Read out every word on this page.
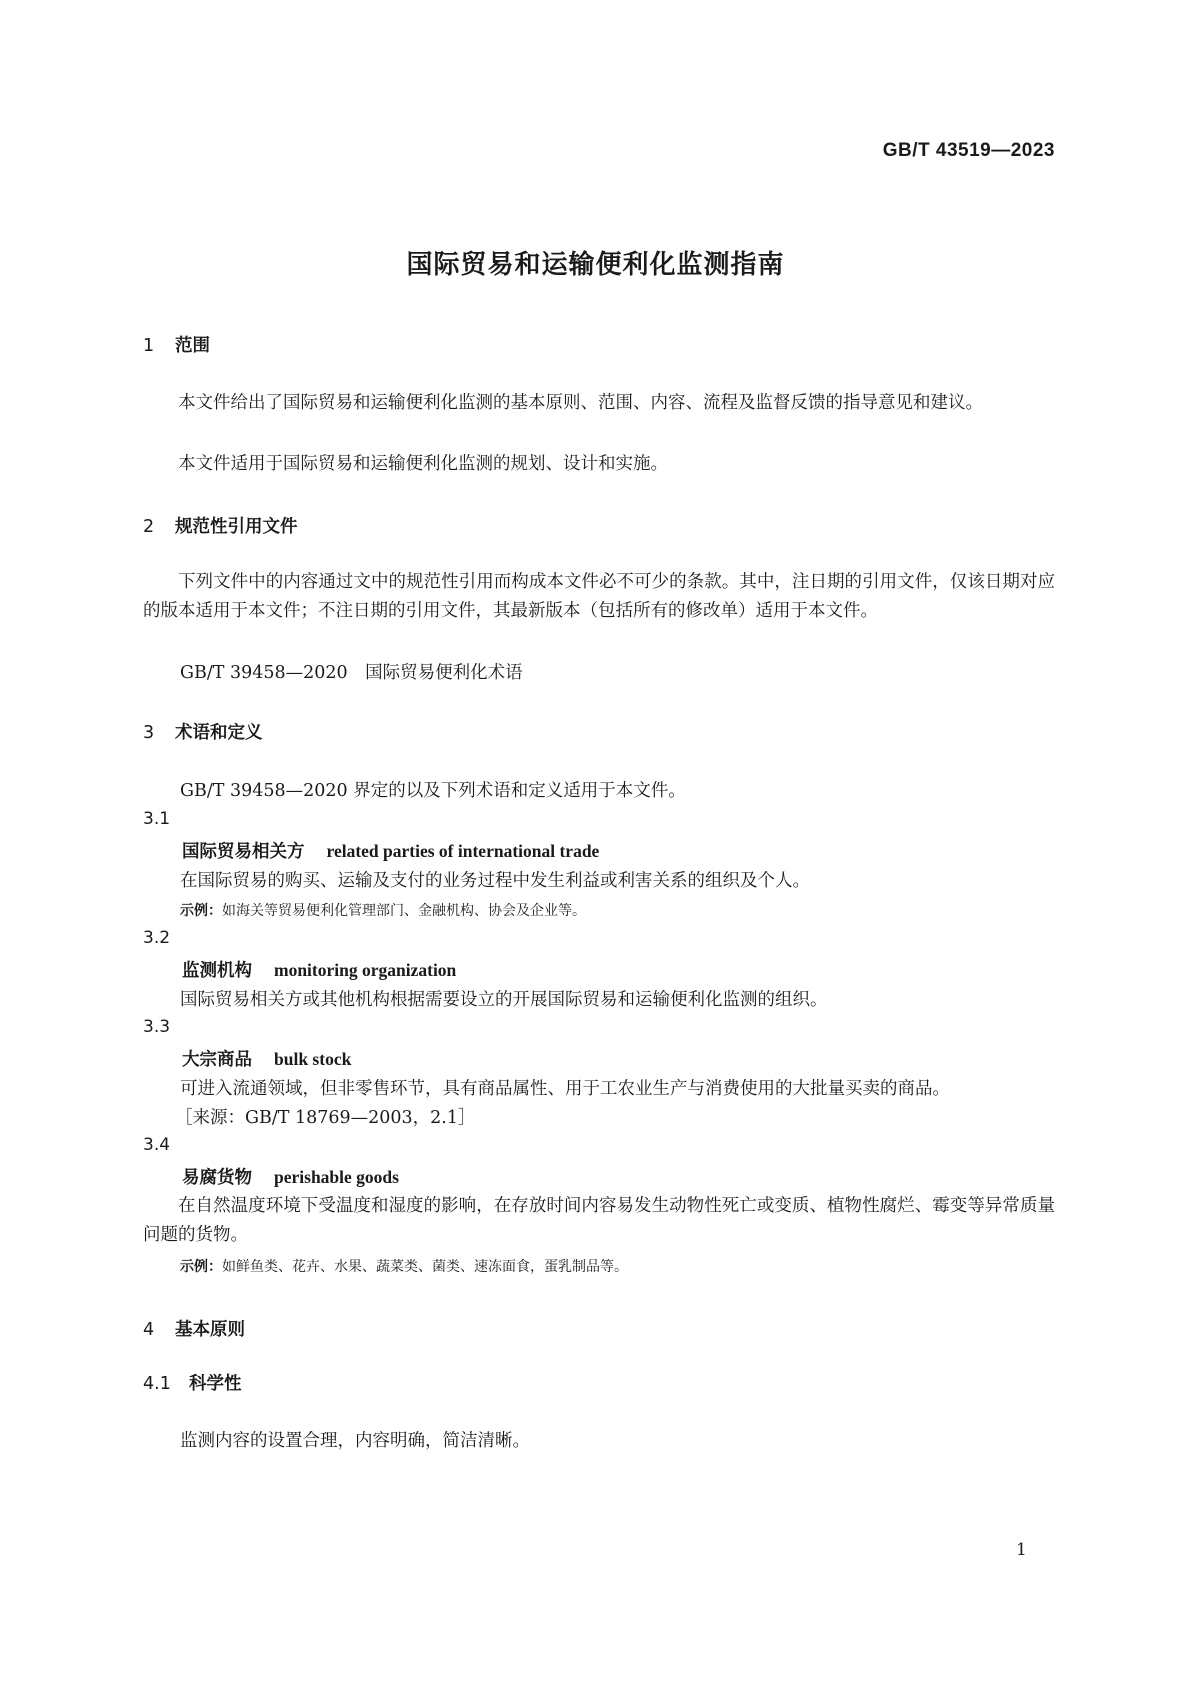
GB/T 43519—2023
国际贸易和运输便利化监测指南
1 范围
本文件给出了国际贸易和运输便利化监测的基本原则、范围、内容、流程及监督反馈的指导意见和建议。
本文件适用于国际贸易和运输便利化监测的规划、设计和实施。
2 规范性引用文件
下列文件中的内容通过文中的规范性引用而构成本文件必不可少的条款。其中，注日期的引用文件，仅该日期对应的版本适用于本文件；不注日期的引用文件，其最新版本（包括所有的修改单）适用于本文件。
GB/T 39458—2020　国际贸易便利化术语
3 术语和定义
GB/T 39458—2020 界定的以及下列术语和定义适用于本文件。
3.1
国际贸易相关方 related parties of international trade
在国际贸易的购买、运输及支付的业务过程中发生利益或利害关系的组织及个人。
示例：如海关等贸易便利化管理部门、金融机构、协会及企业等。
3.2
监测机构 monitoring organization
国际贸易相关方或其他机构根据需要设立的开展国际贸易和运输便利化监测的组织。
3.3
大宗商品 bulk stock
可进入流通领域，但非零售环节，具有商品属性、用于工农业生产与消费使用的大批量买卖的商品。
［来源：GB/T 18769—2003，2.1］
3.4
易腐货物 perishable goods
在自然温度环境下受温度和湿度的影响，在存放时间内容易发生动物性死亡或变质、植物性腐烂、霉变等异常质量问题的货物。
示例：如鲜鱼类、花卉、水果、蔬菜类、菌类、速冻面食，蛋乳制品等。
4 基本原则
4.1 科学性
监测内容的设置合理，内容明确，简洁清晰。
1
